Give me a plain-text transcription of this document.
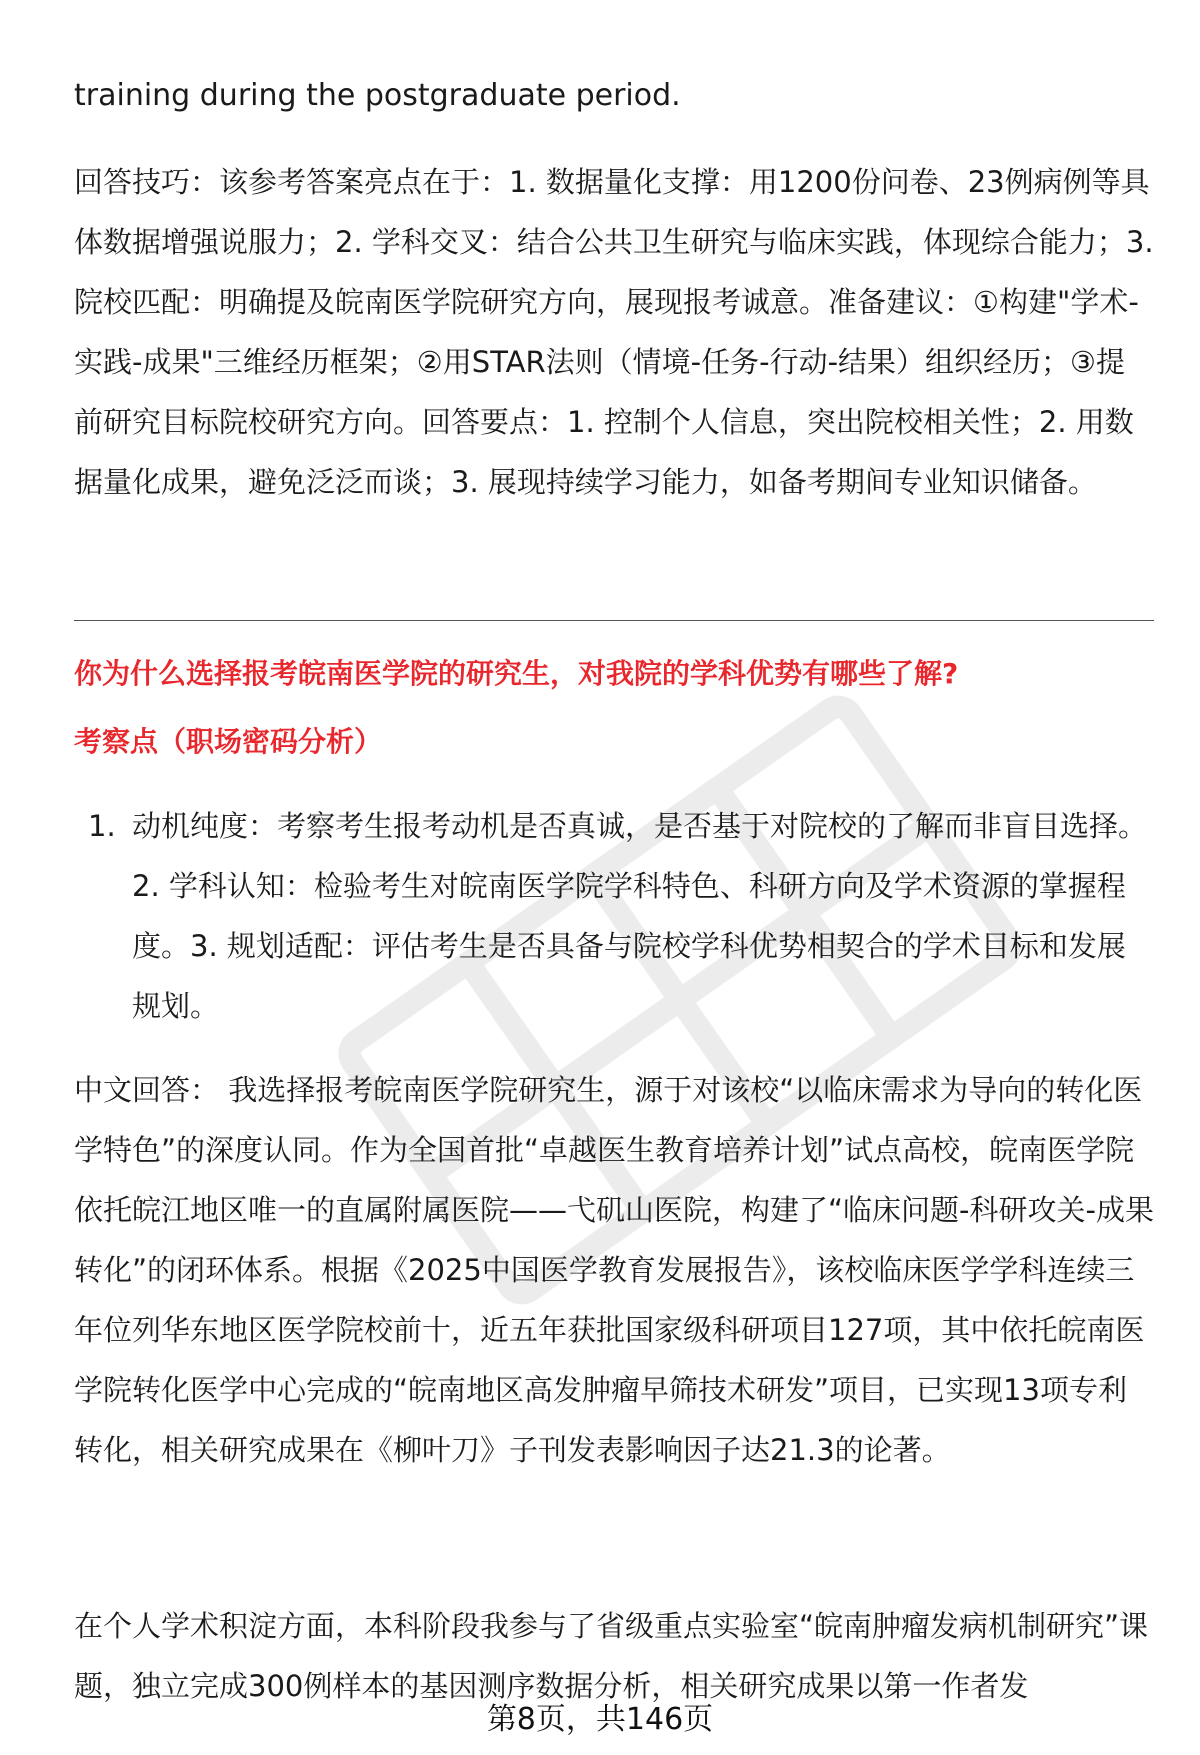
training during the postgraduate period.

回答技巧：该参考答案亮点在于：1. 数据量化支撑：用1200份问卷、23例病例等具体数据增强说服力；2. 学科交叉：结合公共卫生研究与临床实践，体现综合能力；3. 院校匹配：明确提及皖南医学院研究方向，展现报考诚意。准备建议：①构建"学术-实践-成果"三维经历框架；②用STAR法则（情境-任务-行动-结果）组织经历；③提前研究目标院校研究方向。回答要点：1. 控制个人信息，突出院校相关性；2. 用数据量化成果，避免泛泛而谈；3. 展现持续学习能力，如备考期间专业知识储备。

你为什么选择报考皖南医学院的研究生，对我院的学科优势有哪些了解?

考察点（职场密码分析）

1. 动机纯度：考察考生报考动机是否真诚，是否基于对院校的了解而非盲目选择。2. 学科认知：检验考生对皖南医学院学科特色、科研方向及学术资源的掌握程度。3. 规划适配：评估考生是否具备与院校学科优势相契合的学术目标和发展规划。

中文回答： 我选择报考皖南医学院研究生，源于对该校“以临床需求为导向的转化医学特色”的深度认同。作为全国首批“卓越医生教育培养计划”试点高校，皖南医学院依托皖江地区唯一的直属附属医院——弋矶山医院，构建了“临床问题-科研攻关-成果转化”的闭环体系。根据《2025中国医学教育发展报告》，该校临床医学学科连续三年位列华东地区医学院校前十，近五年获批国家级科研项目127项，其中依托皖南医学院转化医学中心完成的“皖南地区高发肿瘤早筛技术研发”项目，已实现13项专利转化，相关研究成果在《柳叶刀》子刊发表影响因子达21.3的论著。

在个人学术积淀方面，本科阶段我参与了省级重点实验室“皖南肿瘤发病机制研究”课题，独立完成300例样本的基因测序数据分析，相关研究成果以第一作者发

第8页，共146页
